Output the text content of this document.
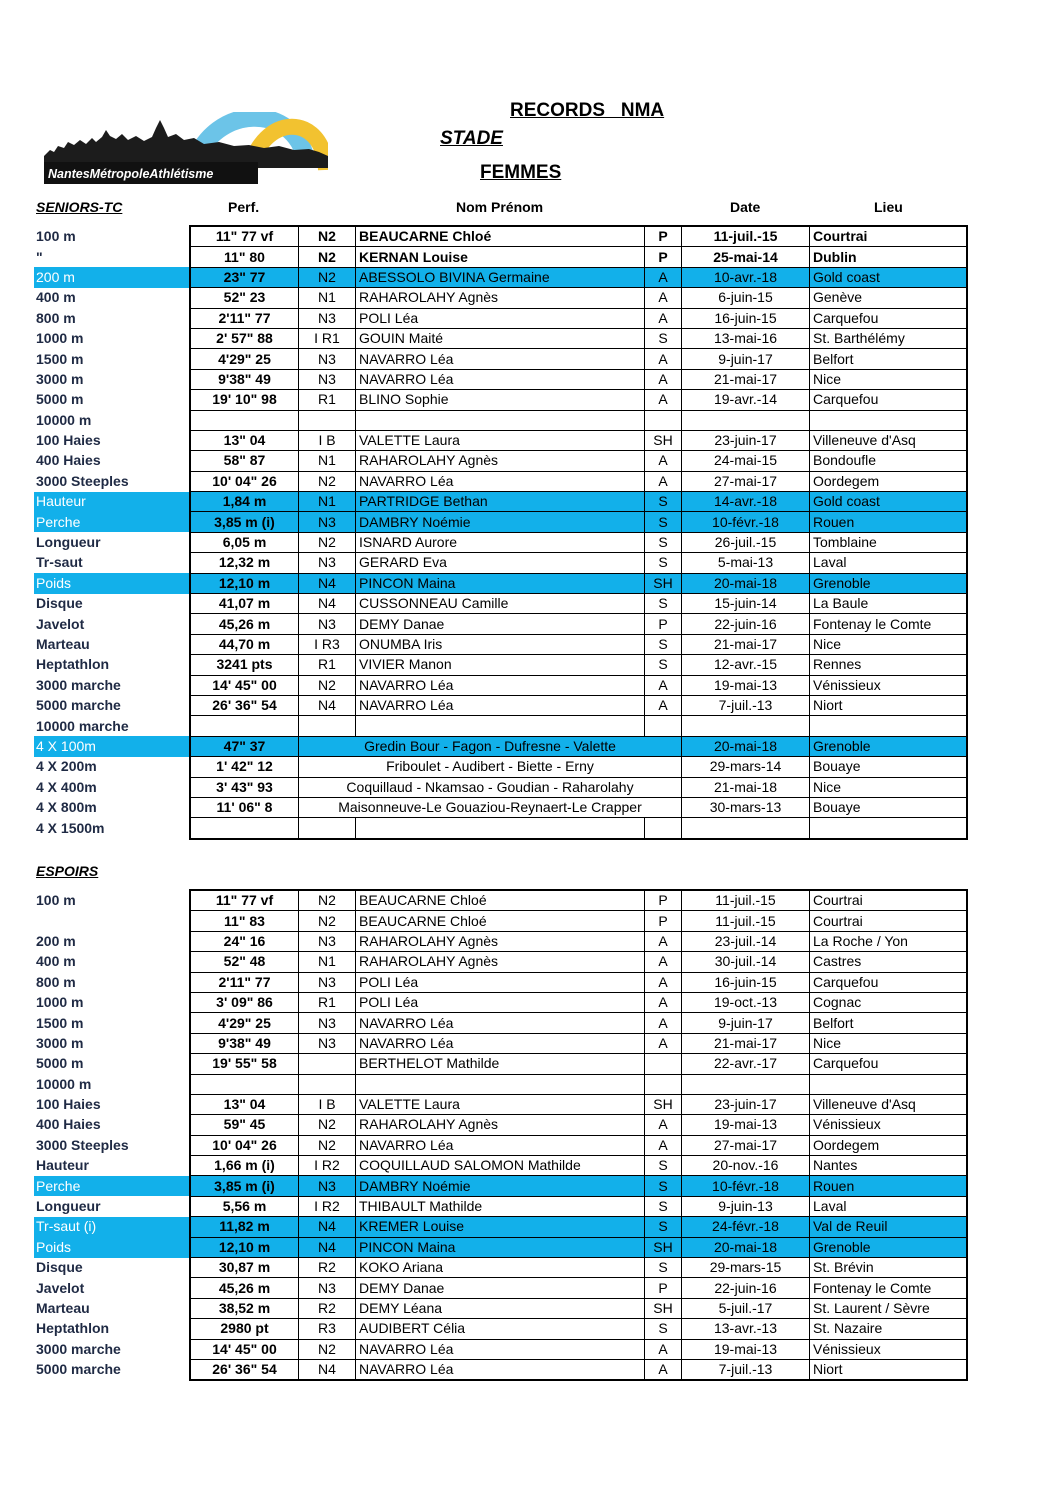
NantesMétropoleAthlétisme
RECORDS   NMA
STADE
FEMMES
SENIORS-TC	Perf.	Nom Prénom	Date	Lieu
100 m	11" 77 vf	N2	BEAUCARNE Chloé	P	11-juil.-15	Courtrai
"	11" 80	N2	KERNAN Louise	P	25-mai-14	Dublin
200 m	23" 77	N2	ABESSOLO BIVINA Germaine	A	10-avr.-18	Gold coast
400 m	52" 23	N1	RAHAROLAHY Agnès	A	6-juin-15	Genève
800 m	2'11" 77	N3	POLI Léa	A	16-juin-15	Carquefou
1000 m	2' 57" 88	I R1	GOUIN Maité	S	13-mai-16	St. Barthélémy
1500 m	4'29" 25	N3	NAVARRO Léa	A	9-juin-17	Belfort
3000 m	9'38" 49	N3	NAVARRO Léa	A	21-mai-17	Nice
5000 m	19' 10" 98	R1	BLINO Sophie	A	19-avr.-14	Carquefou
10000 m						
100 Haies	13" 04	I B	VALETTE Laura	SH	23-juin-17	Villeneuve d'Asq
400 Haies	58" 87	N1	RAHAROLAHY Agnès	A	24-mai-15	Bondoufle
3000 Steeples	10' 04" 26	N2	NAVARRO Léa	A	27-mai-17	Oordegem
Hauteur	1,84 m	N1	PARTRIDGE Bethan	S	14-avr.-18	Gold coast
Perche	3,85 m (i)	N3	DAMBRY Noémie	S	10-févr.-18	Rouen
Longueur	6,05 m	N2	ISNARD Aurore	S	26-juil.-15	Tomblaine
Tr-saut	12,32 m	N3	GERARD Eva	S	5-mai-13	Laval
Poids	12,10 m	N4	PINCON Maina	SH	20-mai-18	Grenoble
Disque	41,07 m	N4	CUSSONNEAU Camille	S	15-juin-14	La Baule
Javelot	45,26 m	N3	DEMY Danae	P	22-juin-16	Fontenay le Comte
Marteau	44,70 m	I R3	ONUMBA Iris	S	21-mai-17	Nice
Heptathlon	3241 pts	R1	VIVIER Manon	S	12-avr.-15	Rennes
3000 marche	14' 45" 00	N2	NAVARRO Léa	A	19-mai-13	Vénissieux
5000 marche	26' 36" 54	N4	NAVARRO Léa	A	7-juil.-13	Niort
10000 marche						
4 X 100m	47" 37	Gredin Bour - Fagon - Dufresne - Valette			20-mai-18	Grenoble
4 X 200m	1' 42" 12	Friboulet - Audibert - Biette - Erny			29-mars-14	Bouaye
4 X 400m	3' 43" 93	Coquillaud - Nkamsao - Goudian - Raharolahy			21-mai-18	Nice
4 X 800m	11' 06" 8	Maisonneuve-Le Gouaziou-Reynaert-Le Crapper			30-mars-13	Bouaye
4 X 1500m						
ESPOIRS
100 m	11" 77 vf	N2	BEAUCARNE Chloé	P	11-juil.-15	Courtrai
	11" 83	N2	BEAUCARNE Chloé	P	11-juil.-15	Courtrai
200 m	24" 16	N3	RAHAROLAHY Agnès	A	23-juil.-14	La Roche / Yon
400 m	52" 48	N1	RAHAROLAHY Agnès	A	30-juil.-14	Castres
800 m	2'11" 77	N3	POLI Léa	A	16-juin-15	Carquefou
1000 m	3' 09" 86	R1	POLI Léa	A	19-oct.-13	Cognac
1500 m	4'29" 25	N3	NAVARRO Léa	A	9-juin-17	Belfort
3000 m	9'38" 49	N3	NAVARRO Léa	A	21-mai-17	Nice
5000 m	19' 55" 58		BERTHELOT Mathilde		22-avr.-17	Carquefou
10000 m						
100 Haies	13" 04	I B	VALETTE Laura	SH	23-juin-17	Villeneuve d'Asq
400 Haies	59" 45	N2	RAHAROLAHY Agnès	A	19-mai-13	Vénissieux
3000 Steeples	10' 04" 26	N2	NAVARRO Léa	A	27-mai-17	Oordegem
Hauteur	1,66 m (i)	I R2	COQUILLAUD SALOMON Mathilde	S	20-nov.-16	Nantes
Perche	3,85 m (i)	N3	DAMBRY Noémie	S	10-févr.-18	Rouen
Longueur	5,56 m	I R2	THIBAULT Mathilde	S	9-juin-13	Laval
Tr-saut (i)	11,82 m	N4	KREMER Louise	S	24-févr.-18	Val de Reuil
Poids	12,10 m	N4	PINCON Maina	SH	20-mai-18	Grenoble
Disque	30,87 m	R2	KOKO Ariana	S	29-mars-15	St. Brévin
Javelot	45,26 m	N3	DEMY Danae	P	22-juin-16	Fontenay le Comte
Marteau	38,52 m	R2	DEMY Léana	SH	5-juil.-17	St. Laurent / Sèvre
Heptathlon	2980 pt	R3	AUDIBERT Célia	S	13-avr.-13	St. Nazaire
3000 marche	14' 45" 00	N2	NAVARRO Léa	A	19-mai-13	Vénissieux
5000 marche	26' 36" 54	N4	NAVARRO Léa	A	7-juil.-13	Niort
